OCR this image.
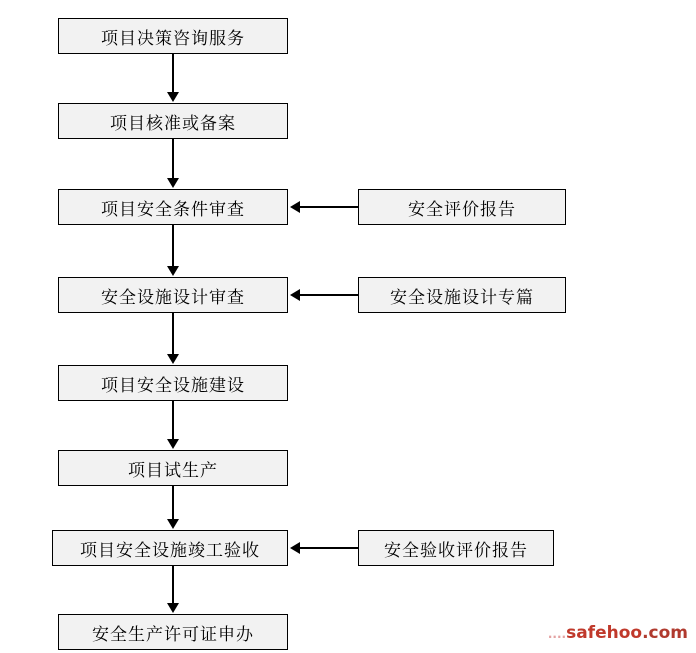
项目决策咨询服务
项目核准或备案
项目安全条件审查
安全设施设计审查
项目安全设施建设
项目试生产
项目安全设施竣工验收
安全生产许可证申办
安全评价报告
安全设施设计专篇
安全验收评价报告
....safehoo.com
